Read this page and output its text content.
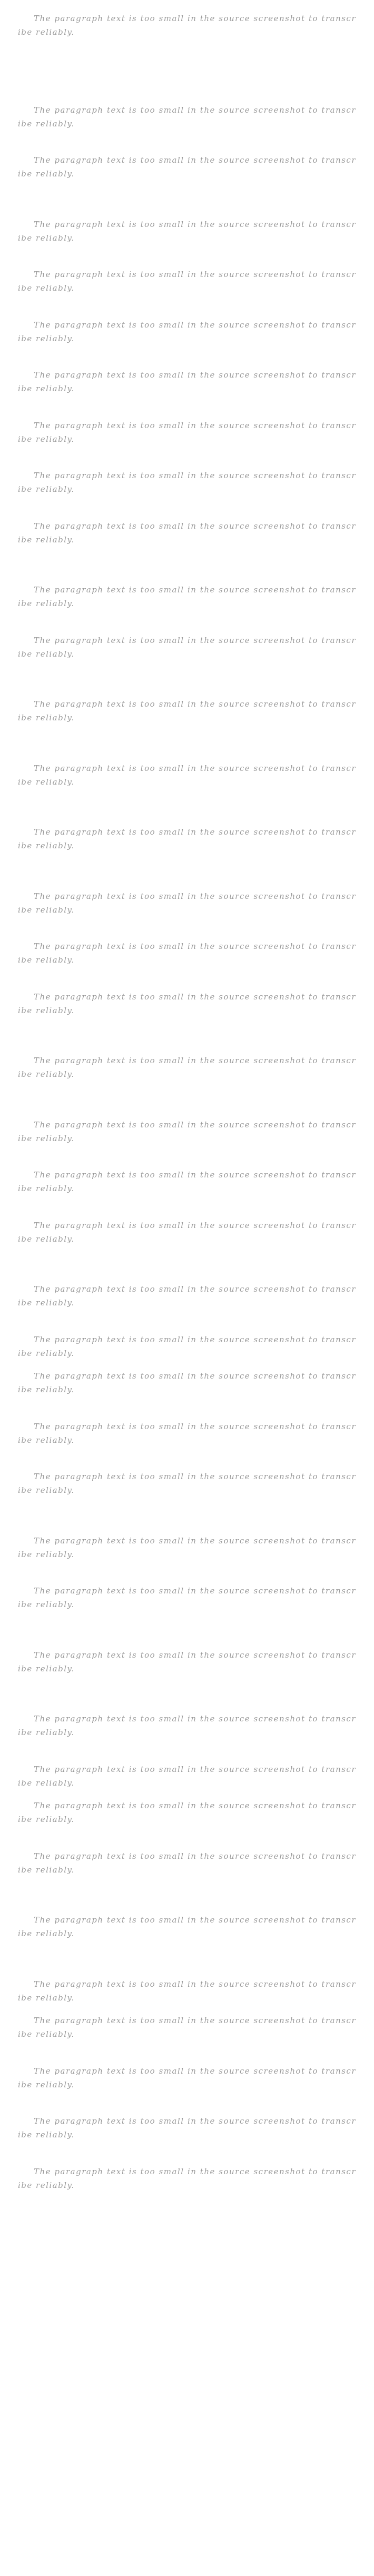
The paragraph text is too small in the source screenshot to transcribe reliably.

The paragraph text is too small in the source screenshot to transcribe reliably.

The paragraph text is too small in the source screenshot to transcribe reliably.

The paragraph text is too small in the source screenshot to transcribe reliably.

The paragraph text is too small in the source screenshot to transcribe reliably.

The paragraph text is too small in the source screenshot to transcribe reliably.

The paragraph text is too small in the source screenshot to transcribe reliably.

The paragraph text is too small in the source screenshot to transcribe reliably.

The paragraph text is too small in the source screenshot to transcribe reliably.

The paragraph text is too small in the source screenshot to transcribe reliably.

The paragraph text is too small in the source screenshot to transcribe reliably.

The paragraph text is too small in the source screenshot to transcribe reliably.

The paragraph text is too small in the source screenshot to transcribe reliably.

The paragraph text is too small in the source screenshot to transcribe reliably.

The paragraph text is too small in the source screenshot to transcribe reliably.

The paragraph text is too small in the source screenshot to transcribe reliably.

The paragraph text is too small in the source screenshot to transcribe reliably.

The paragraph text is too small in the source screenshot to transcribe reliably.

The paragraph text is too small in the source screenshot to transcribe reliably.

The paragraph text is too small in the source screenshot to transcribe reliably.

The paragraph text is too small in the source screenshot to transcribe reliably.

The paragraph text is too small in the source screenshot to transcribe reliably.

The paragraph text is too small in the source screenshot to transcribe reliably.

The paragraph text is too small in the source screenshot to transcribe reliably.

The paragraph text is too small in the source screenshot to transcribe reliably.

The paragraph text is too small in the source screenshot to transcribe reliably.

The paragraph text is too small in the source screenshot to transcribe reliably.

The paragraph text is too small in the source screenshot to transcribe reliably.

The paragraph text is too small in the source screenshot to transcribe reliably.

The paragraph text is too small in the source screenshot to transcribe reliably.

The paragraph text is too small in the source screenshot to transcribe reliably.

The paragraph text is too small in the source screenshot to transcribe reliably.

The paragraph text is too small in the source screenshot to transcribe reliably.

The paragraph text is too small in the source screenshot to transcribe reliably.

The paragraph text is too small in the source screenshot to transcribe reliably.

The paragraph text is too small in the source screenshot to transcribe reliably.

The paragraph text is too small in the source screenshot to transcribe reliably.

The paragraph text is too small in the source screenshot to transcribe reliably.

The paragraph text is too small in the source screenshot to transcribe reliably.

The paragraph text is too small in the source screenshot to transcribe reliably.
